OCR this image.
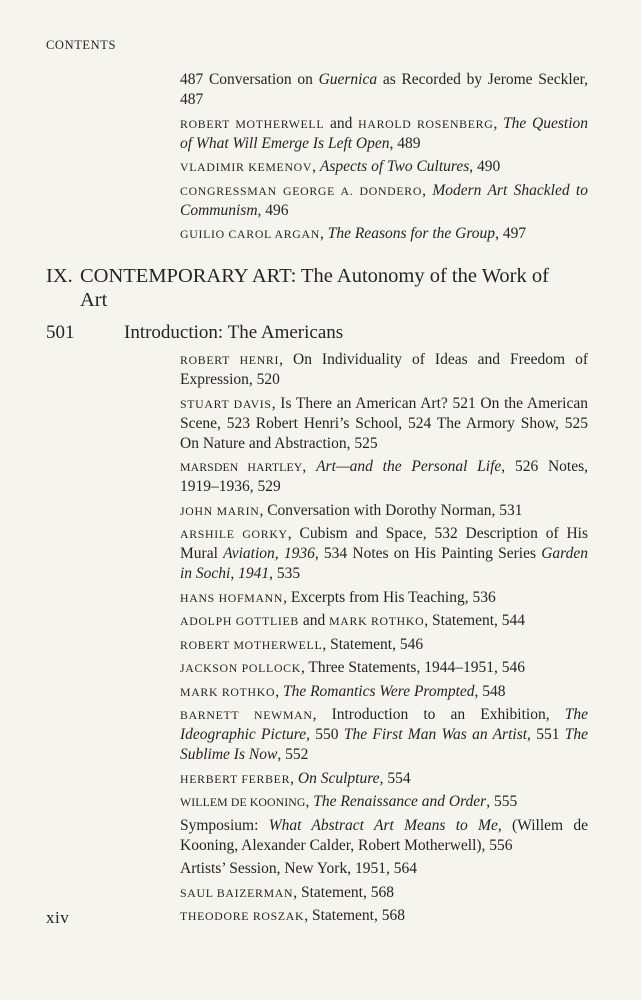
CONTENTS
487 Conversation on Guernica as Recorded by Jerome Seckler, 487
ROBERT MOTHERWELL and HAROLD ROSENBERG, The Question of What Will Emerge Is Left Open, 489
VLADIMIR KEMENOV, Aspects of Two Cultures, 490
CONGRESSMAN GEORGE A. DONDERO, Modern Art Shackled to Communism, 496
GUILIO CAROL ARGAN, The Reasons for the Group, 497
IX. CONTEMPORARY ART: The Autonomy of the Work of
Art
501	Introduction: The Americans
ROBERT HENRI, On Individuality of Ideas and Freedom of Expression, 520
STUART DAVIS, Is There an American Art? 521 On the American Scene, 523 Robert Henri’s School, 524 The Armory Show, 525 On Nature and Abstraction, 525
MARSDEN HARTLEY, Art—and the Personal Life, 526 Notes, 1919–1936, 529
JOHN MARIN, Conversation with Dorothy Norman, 531
ARSHILE GORKY, Cubism and Space, 532 Description of His Mural Aviation, 1936, 534 Notes on His Painting Series Garden in Sochi, 1941, 535
HANS HOFMANN, Excerpts from His Teaching, 536
ADOLPH GOTTLIEB and MARK ROTHKO, Statement, 544
ROBERT MOTHERWELL, Statement, 546
JACKSON POLLOCK, Three Statements, 1944–1951, 546
MARK ROTHKO, The Romantics Were Prompted, 548
BARNETT NEWMAN, Introduction to an Exhibition, The Ideographic Picture, 550 The First Man Was an Artist, 551 The Sublime Is Now, 552
HERBERT FERBER, On Sculpture, 554
WILLEM DE KOONING, The Renaissance and Order, 555
Symposium: What Abstract Art Means to Me, (Willem de Kooning, Alexander Calder, Robert Motherwell), 556
Artists’ Session, New York, 1951, 564
SAUL BAIZERMAN, Statement, 568
THEODORE ROSZAK, Statement, 568
xiv
